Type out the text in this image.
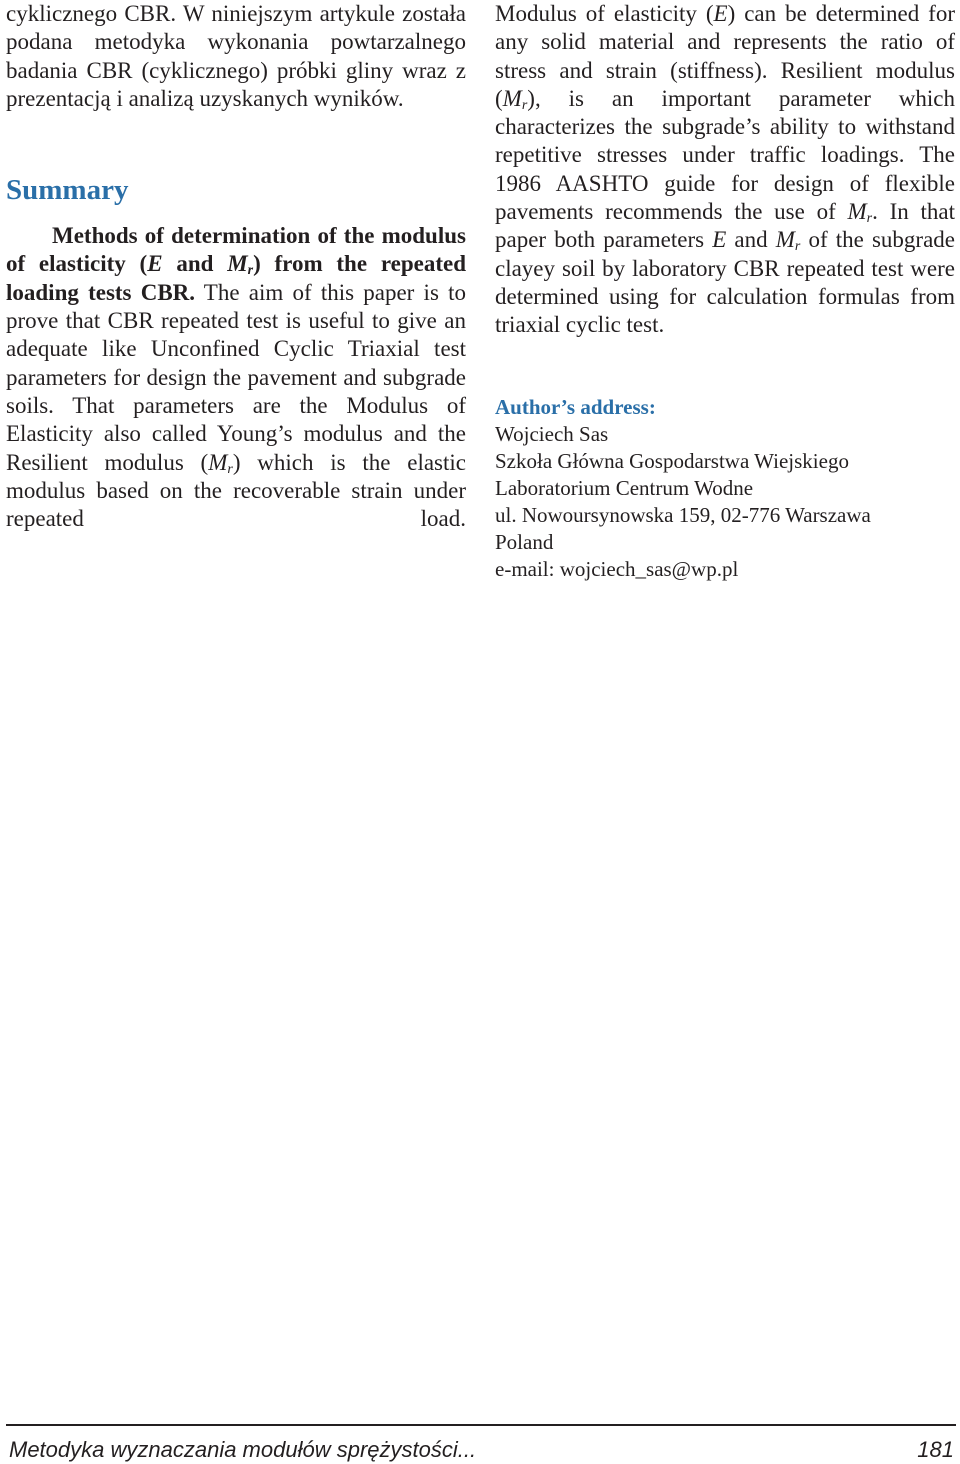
cyklicznego CBR. W niniejszym artykule została podana metodyka wykonania powtarzalnego badania CBR (cyklicznego) próbki gliny wraz z prezentacją i analizą uzyskanych wyników.

Summary

Methods of determination of the modulus of elasticity (E and $M_r$) from the repeated loading tests CBR. The aim of this paper is to prove that CBR repeated test is useful to give an adequate like Unconfined Cyclic Triaxial test parameters for design the pavement and subgrade soils. That parameters are the Modulus of Elasticity also called Young’s modulus and the Resilient modulus $(M_r)$ which is the elastic modulus based on the recoverable strain under repeated load.

Modulus of elasticity (E) can be determined for any solid material and represents the ratio of stress and strain (stiffness). Resilient modulus $(M_r)$, is an important parameter which characterizes the subgrade’s ability to withstand repetitive stresses under traffic loadings. The 1986 AASHTO guide for design of flexible pavements recommends the use of $M_r$. In that paper both parameters E and $M_r$ of the subgrade clayey soil by laboratory CBR repeated test were determined using for calculation formulas from triaxial cyclic test.

Author’s address:
Wojciech Sas
Szkoła Główna Gospodarstwa Wiejskiego
Laboratorium Centrum Wodne
ul. Nowoursynowska 159, 02-776 Warszawa
Poland
e-mail: wojciech_sas@wp.pl
Metodyka wyznaczania modułów sprężystości...	181
